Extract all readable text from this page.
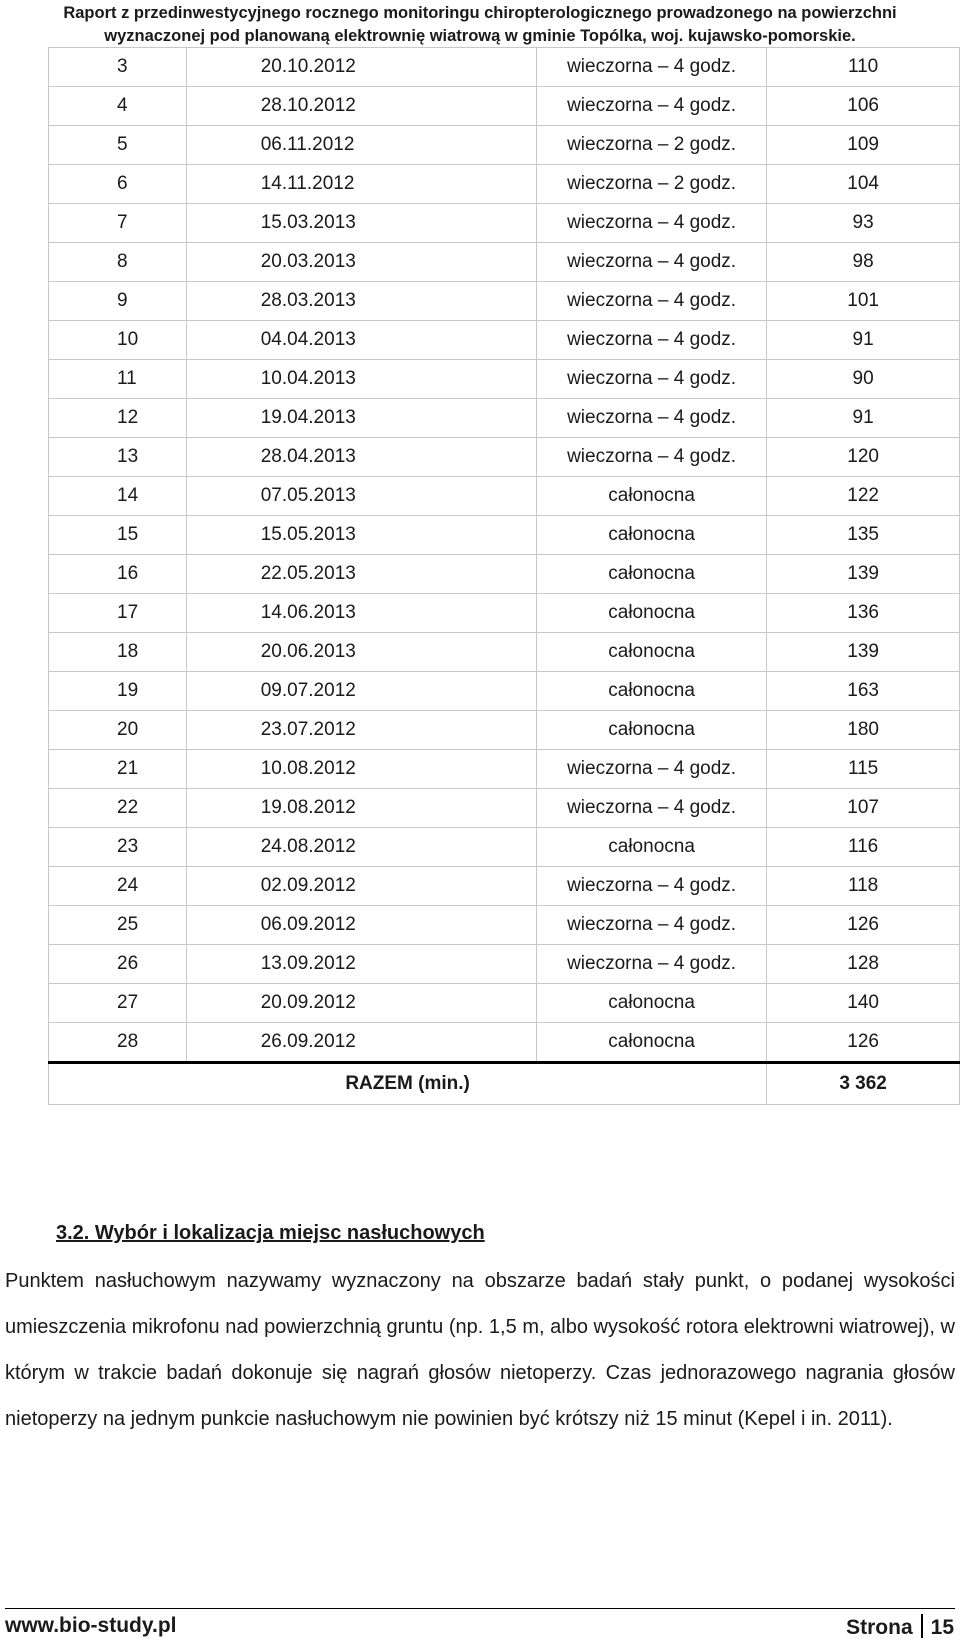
Raport z przedinwestycyjnego rocznego monitoringu chiropterologicznego prowadzonego na powierzchni
wyznaczonej pod planowaną elektrownię wiatrową w gminie Topólka, woj. kujawsko-pomorskie.
3	20.10.2012	wieczorna – 4 godz.	110
4	28.10.2012	wieczorna – 4 godz.	106
5	06.11.2012	wieczorna – 2 godz.	109
6	14.11.2012	wieczorna – 2 godz.	104
7	15.03.2013	wieczorna – 4 godz.	93
8	20.03.2013	wieczorna – 4 godz.	98
9	28.03.2013	wieczorna – 4 godz.	101
10	04.04.2013	wieczorna – 4 godz.	91
11	10.04.2013	wieczorna – 4 godz.	90
12	19.04.2013	wieczorna – 4 godz.	91
13	28.04.2013	wieczorna – 4 godz.	120
14	07.05.2013	całonocna	122
15	15.05.2013	całonocna	135
16	22.05.2013	całonocna	139
17	14.06.2013	całonocna	136
18	20.06.2013	całonocna	139
19	09.07.2012	całonocna	163
20	23.07.2012	całonocna	180
21	10.08.2012	wieczorna – 4 godz.	115
22	19.08.2012	wieczorna – 4 godz.	107
23	24.08.2012	całonocna	116
24	02.09.2012	wieczorna – 4 godz.	118
25	06.09.2012	wieczorna – 4 godz.	126
26	13.09.2012	wieczorna – 4 godz.	128
27	20.09.2012	całonocna	140
28	26.09.2012	całonocna	126
RAZEM (min.)			3 362
3.2. Wybór i lokalizacja miejsc nasłuchowych
Punktem nasłuchowym nazywamy wyznaczony na obszarze badań stały punkt, o podanej wysokości umieszczenia mikrofonu nad powierzchnią gruntu (np. 1,5 m, albo wysokość rotora elektrowni wiatrowej), w którym w trakcie badań dokonuje się nagrań głosów nietoperzy. Czas jednorazowego nagrania głosów nietoperzy na jednym punkcie nasłuchowym nie powinien być krótszy niż 15 minut (Kepel i in. 2011).
www.bio-study.pl	Strona 15
